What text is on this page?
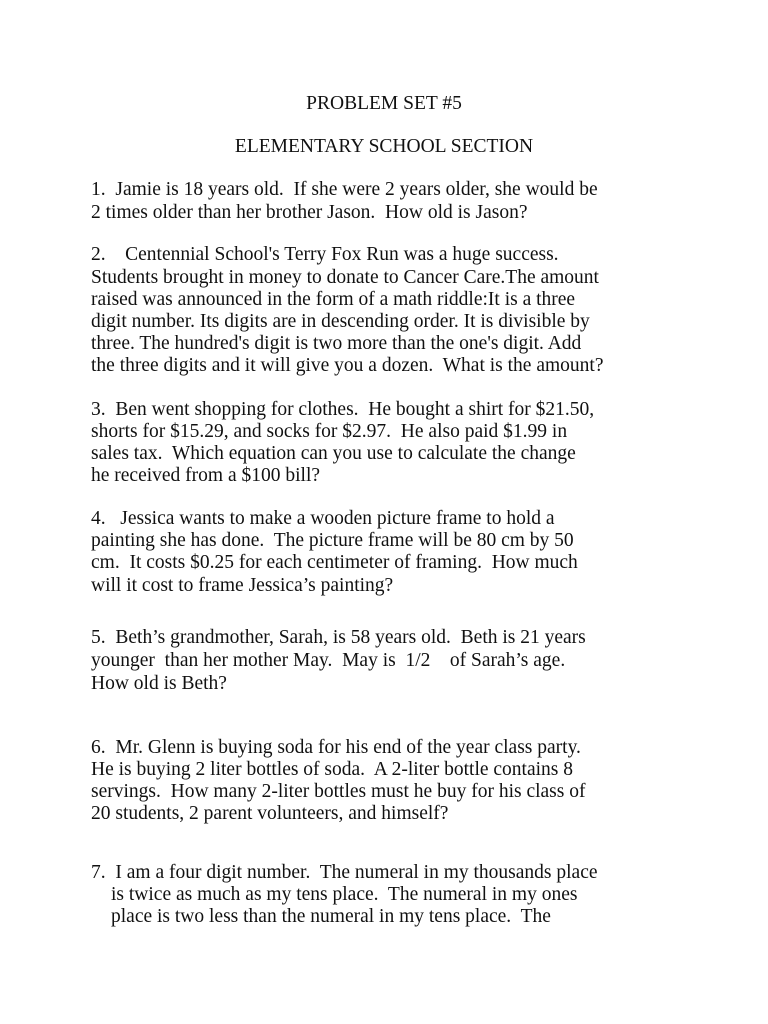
PROBLEM SET #5
ELEMENTARY SCHOOL SECTION
1.  Jamie is 18 years old.  If she were 2 years older, she would be
2 times older than her brother Jason.  How old is Jason?
2.    Centennial School's Terry Fox Run was a huge success.
Students brought in money to donate to Cancer Care.The amount
raised was announced in the form of a math riddle:It is a three
digit number. Its digits are in descending order. It is divisible by
three. The hundred's digit is two more than the one's digit. Add
the three digits and it will give you a dozen.  What is the amount?
3.  Ben went shopping for clothes.  He bought a shirt for $21.50,
shorts for $15.29, and socks for $2.97.  He also paid $1.99 in
sales tax.  Which equation can you use to calculate the change
he received from a $100 bill?
4.   Jessica wants to make a wooden picture frame to hold a
painting she has done.  The picture frame will be 80 cm by 50
cm.  It costs $0.25 for each centimeter of framing.  How much
will it cost to frame Jessica’s painting?
5.  Beth’s grandmother, Sarah, is 58 years old.  Beth is 21 years
younger  than her mother May.  May is  1/2    of Sarah’s age.
How old is Beth?
6.  Mr. Glenn is buying soda for his end of the year class party.
He is buying 2 liter bottles of soda.  A 2-liter bottle contains 8
servings.  How many 2-liter bottles must he buy for his class of
20 students, 2 parent volunteers, and himself?
7.  I am a four digit number.  The numeral in my thousands place
is twice as much as my tens place.  The numeral in my ones
place is two less than the numeral in my tens place.  The
